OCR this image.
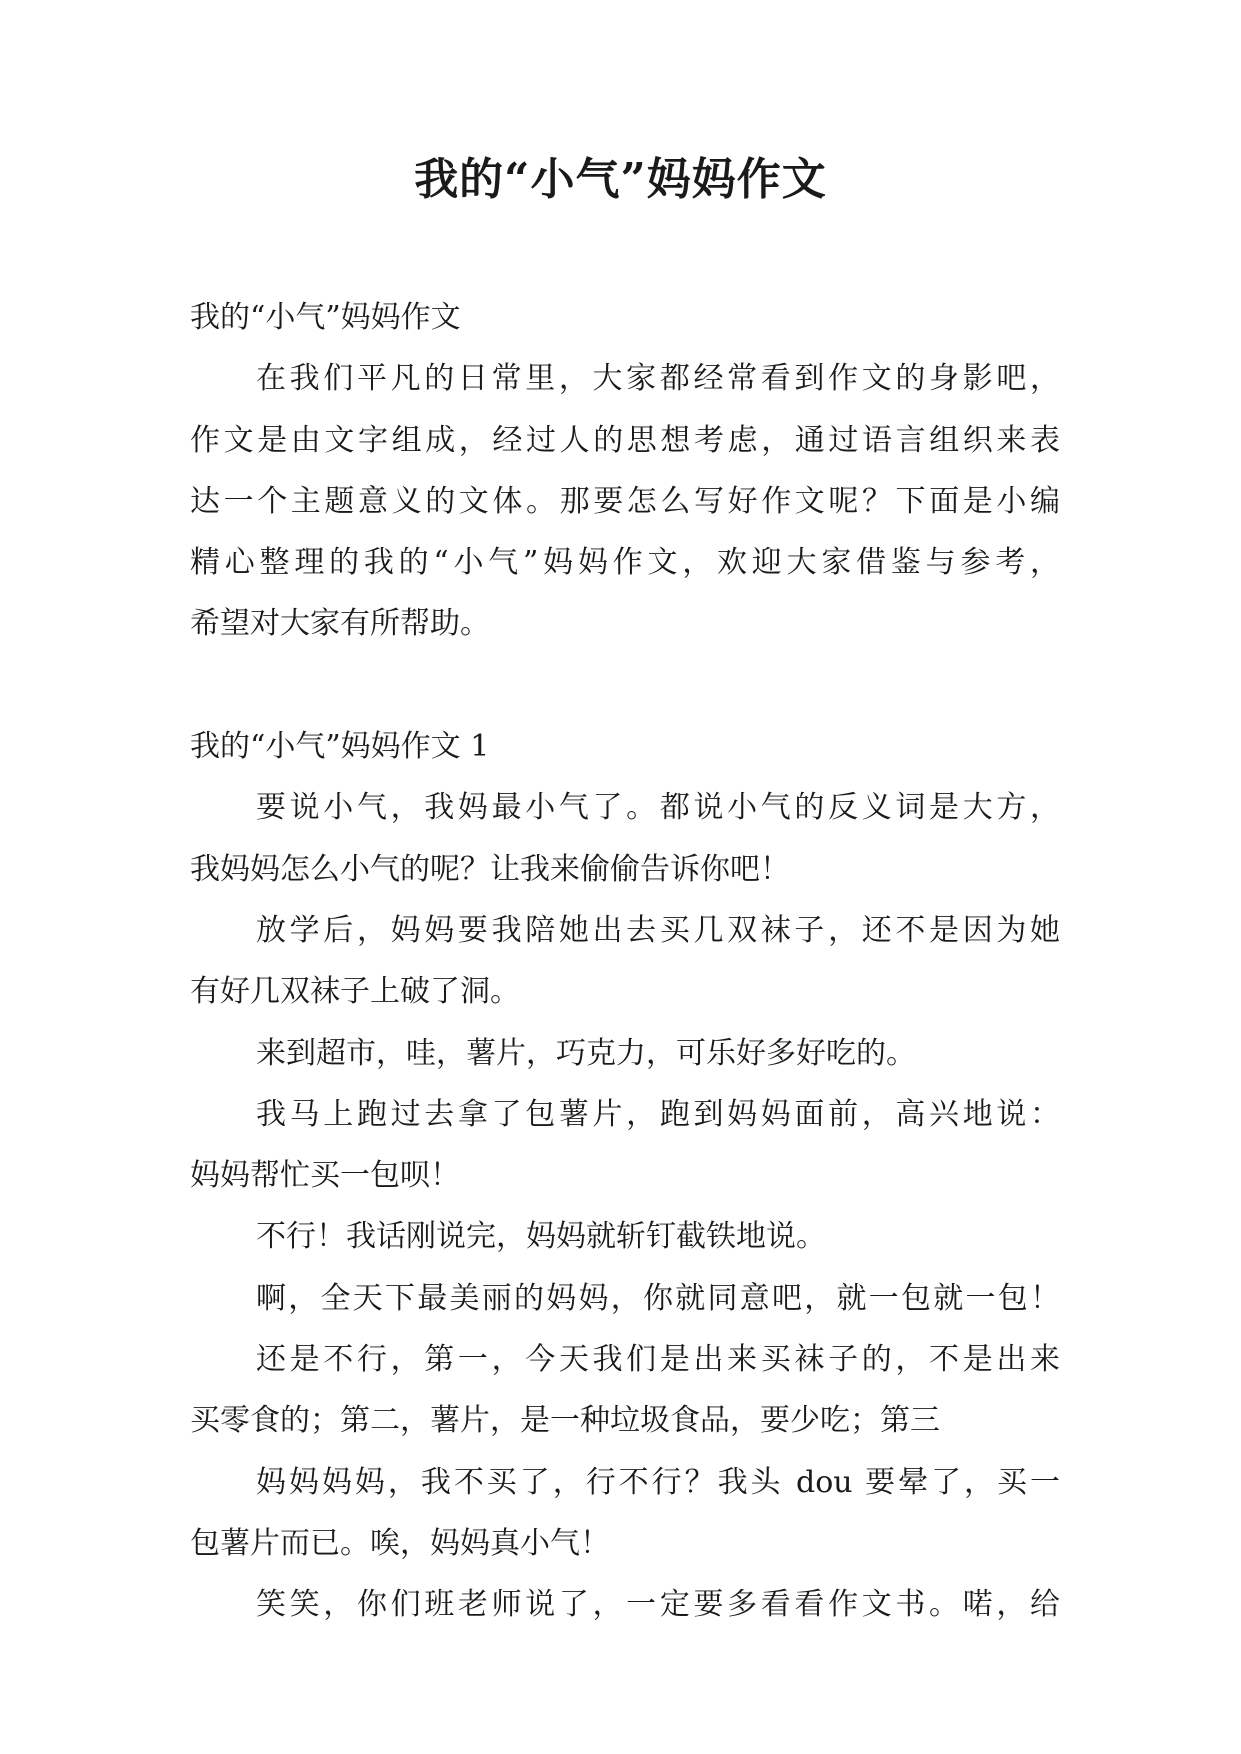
我的“小气”妈妈作文
我的“小气”妈妈作文
在我们平凡的日常里，大家都经常看到作文的身影吧，
作文是由文字组成，经过人的思想考虑，通过语言组织来表
达一个主题意义的文体。那要怎么写好作文呢？下面是小编
精心整理的我的“小气”妈妈作文，欢迎大家借鉴与参考，
希望对大家有所帮助。
我的“小气”妈妈作文 1
要说小气，我妈最小气了。都说小气的反义词是大方，
我妈妈怎么小气的呢？让我来偷偷告诉你吧！
放学后，妈妈要我陪她出去买几双袜子，还不是因为她
有好几双袜子上破了洞。
来到超市，哇，薯片，巧克力，可乐好多好吃的。
我马上跑过去拿了包薯片，跑到妈妈面前，高兴地说：
妈妈帮忙买一包呗！
不行！我话刚说完，妈妈就斩钉截铁地说。
啊，全天下最美丽的妈妈，你就同意吧，就一包就一包！
还是不行，第一，今天我们是出来买袜子的，不是出来
买零食的；第二，薯片，是一种垃圾食品，要少吃；第三
妈妈妈妈，我不买了，行不行？我头 dou 要晕了，买一
包薯片而已。唉，妈妈真小气！
笑笑，你们班老师说了，一定要多看看作文书。喏，给
